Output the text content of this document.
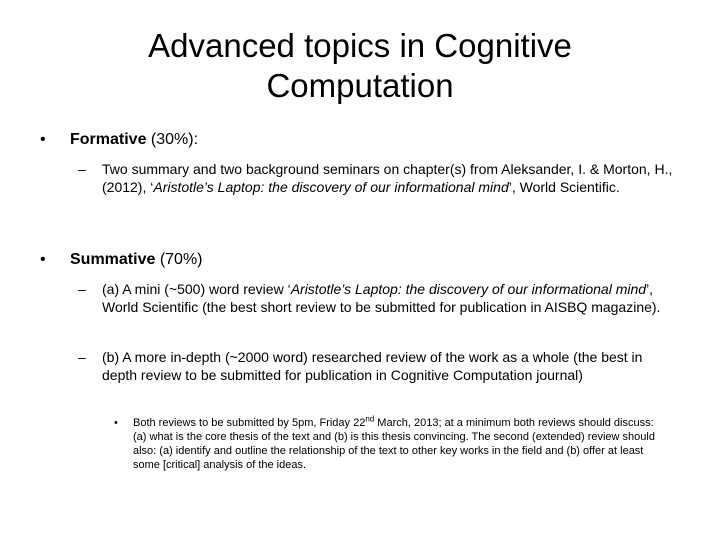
Advanced topics in Cognitive
Computation
• Formative (30%):
– Two summary and two background seminars on chapter(s) from Aleksander, I. & Morton, H., (2012), ‘Aristotle’s Laptop: the discovery of our informational mind’, World Scientific.
• Summative (70%)
– (a) A mini (~500) word review ‘Aristotle’s Laptop: the discovery of our informational mind’, World Scientific (the best short review to be submitted for publication in AISBQ magazine).
– (b) A more in-depth (~2000 word) researched review of the work as a whole (the best in depth review to be submitted for publication in Cognitive Computation journal)
• Both reviews to be submitted by 5pm, Friday 22nd March, 2013; at a minimum both reviews should discuss: (a) what is the core thesis of the text and (b) is this thesis convincing. The second (extended) review should also: (a) identify and outline the relationship of the text to other key works in the field and (b) offer at least some [critical] analysis of the ideas.
